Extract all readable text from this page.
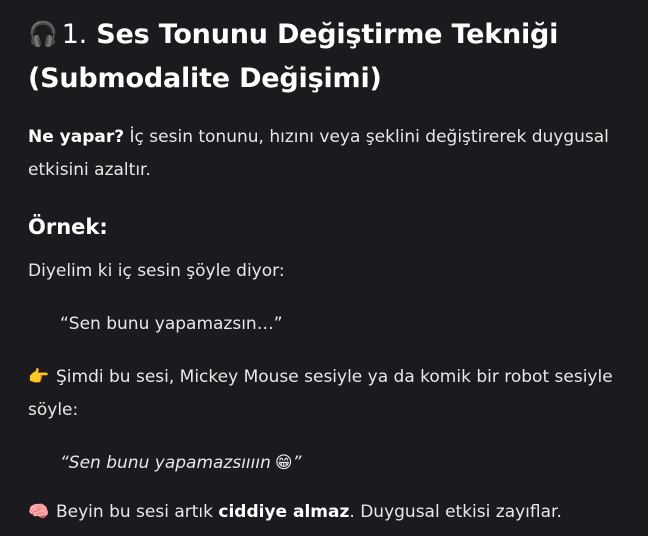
🎧 1. Ses Tonunu Değiştirme Tekniği
(Submodalite Değişimi)

Ne yapar? İç sesin tonunu, hızını veya şeklini değiştirerek duygusal etkisini azaltır.

Örnek:

Diyelim ki iç sesin şöyle diyor:

“Sen bunu yapamazsın…”

👉 Şimdi bu sesi, Mickey Mouse sesiyle ya da komik bir robot sesiyle söyle:

“Sen bunu yapamazsıııın 😁”

🧠 Beyin bu sesi artık ciddiye almaz. Duygusal etkisi zayıflar.
